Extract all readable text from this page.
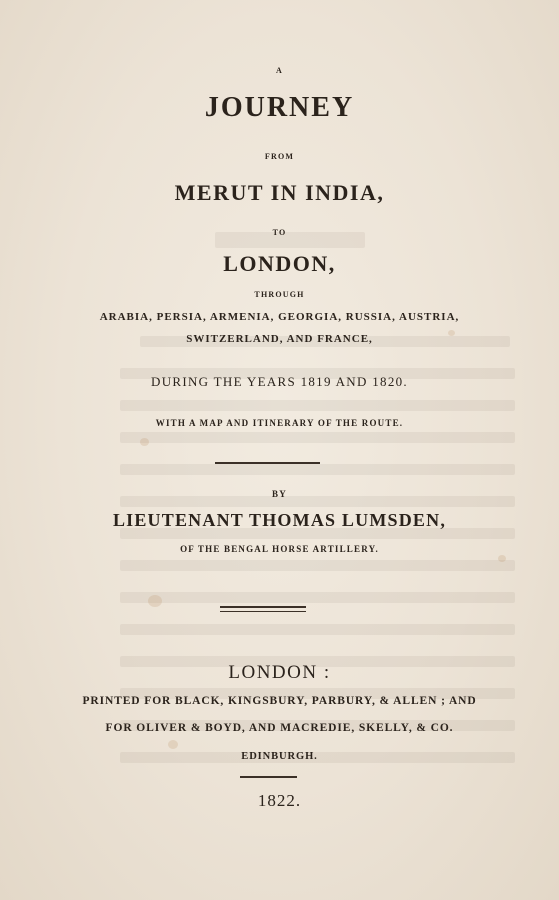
A
JOURNEY
FROM
MERUT IN INDIA,
TO
LONDON,
THROUGH
ARABIA, PERSIA, ARMENIA, GEORGIA, RUSSIA, AUSTRIA,
SWITZERLAND, AND FRANCE,
DURING THE YEARS 1819 AND 1820.
WITH A MAP AND ITINERARY OF THE ROUTE.
BY
LIEUTENANT THOMAS LUMSDEN,
OF THE BENGAL HORSE ARTILLERY.
LONDON :
PRINTED FOR BLACK, KINGSBURY, PARBURY, & ALLEN ; AND
FOR OLIVER & BOYD, AND MACREDIE, SKELLY, & CO.
EDINBURGH.
1822.
